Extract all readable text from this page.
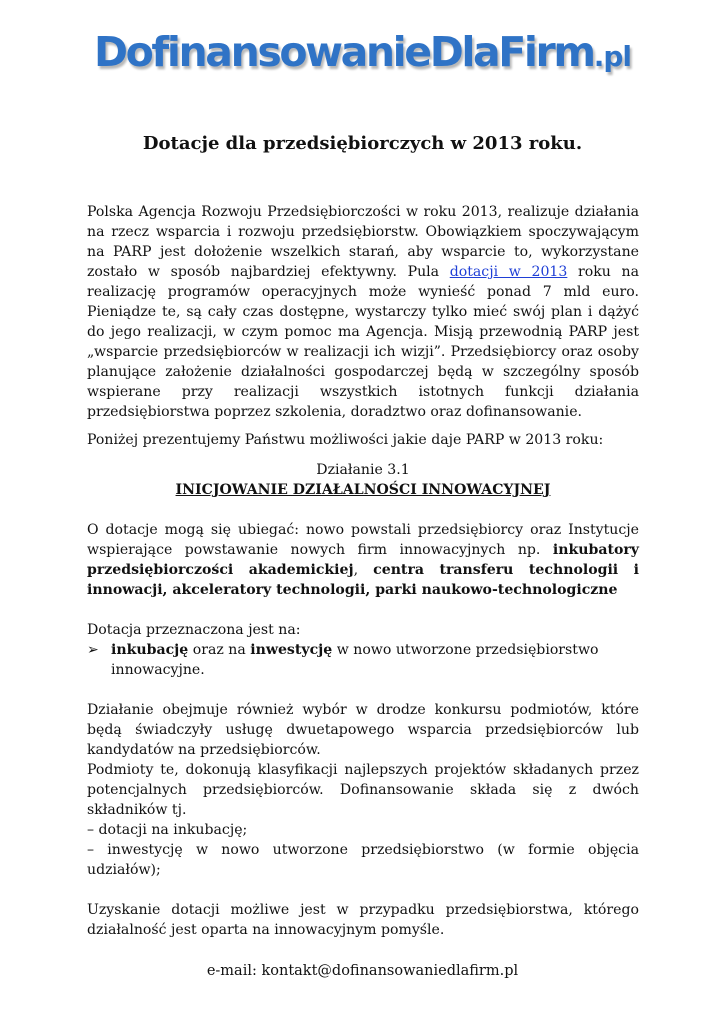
DofinansowanieDlaFirm.pl
Dotacje dla przedsiębiorczych w 2013 roku.

Polska Agencja Rozwoju Przedsiębiorczości w roku 2013, realizuje działania na rzecz wsparcia i rozwoju przedsiębiorstw. Obowiązkiem spoczywającym na PARP jest dołożenie wszelkich starań, aby wsparcie to, wykorzystane zostało w sposób najbardziej efektywny. Pula dotacji w 2013 roku na realizację programów operacyjnych może wynieść ponad 7 mld euro. Pieniądze te, są cały czas dostępne, wystarczy tylko mieć swój plan i dążyć do jego realizacji, w czym pomoc ma Agencja. Misją przewodnią PARP jest „wsparcie przedsiębiorców w realizacji ich wizji”. Przedsiębiorcy oraz osoby planujące założenie działalności gospodarczej będą w szczególny sposób wspierane przy realizacji wszystkich istotnych funkcji działania przedsiębiorstwa poprzez szkolenia, doradztwo oraz dofinansowanie.

Poniżej prezentujemy Państwu możliwości jakie daje PARP w 2013 roku:

Działanie 3.1

INICJOWANIE DZIAŁALNOŚCI INNOWACYJNEJ

O dotacje mogą się ubiegać: nowo powstali przedsiębiorcy oraz Instytucje wspierające powstawanie nowych firm innowacyjnych np. inkubatory przedsiębiorczości akademickiej, centra transferu technologii i innowacji, akceleratory technologii, parki naukowo-technologiczne

Dotacja przeznaczona jest na:

➢ inkubację oraz na inwestycję w nowo utworzone przedsiębiorstwo innowacyjne.

Działanie obejmuje również wybór w drodze konkursu podmiotów, które będą świadczyły usługę dwuetapowego wsparcia przedsiębiorców lub kandydatów na przedsiębiorców.

Podmioty te, dokonują klasyfikacji najlepszych projektów składanych przez potencjalnych przedsiębiorców. Dofinansowanie składa się z dwóch składników tj.

– dotacji na inkubację;

– inwestycję w nowo utworzone przedsiębiorstwo (w formie objęcia udziałów);

Uzyskanie dotacji możliwe jest w przypadku przedsiębiorstwa, którego działalność jest oparta na innowacyjnym pomyśle.

e-mail: kontakt@dofinansowaniedlafirm.pl
